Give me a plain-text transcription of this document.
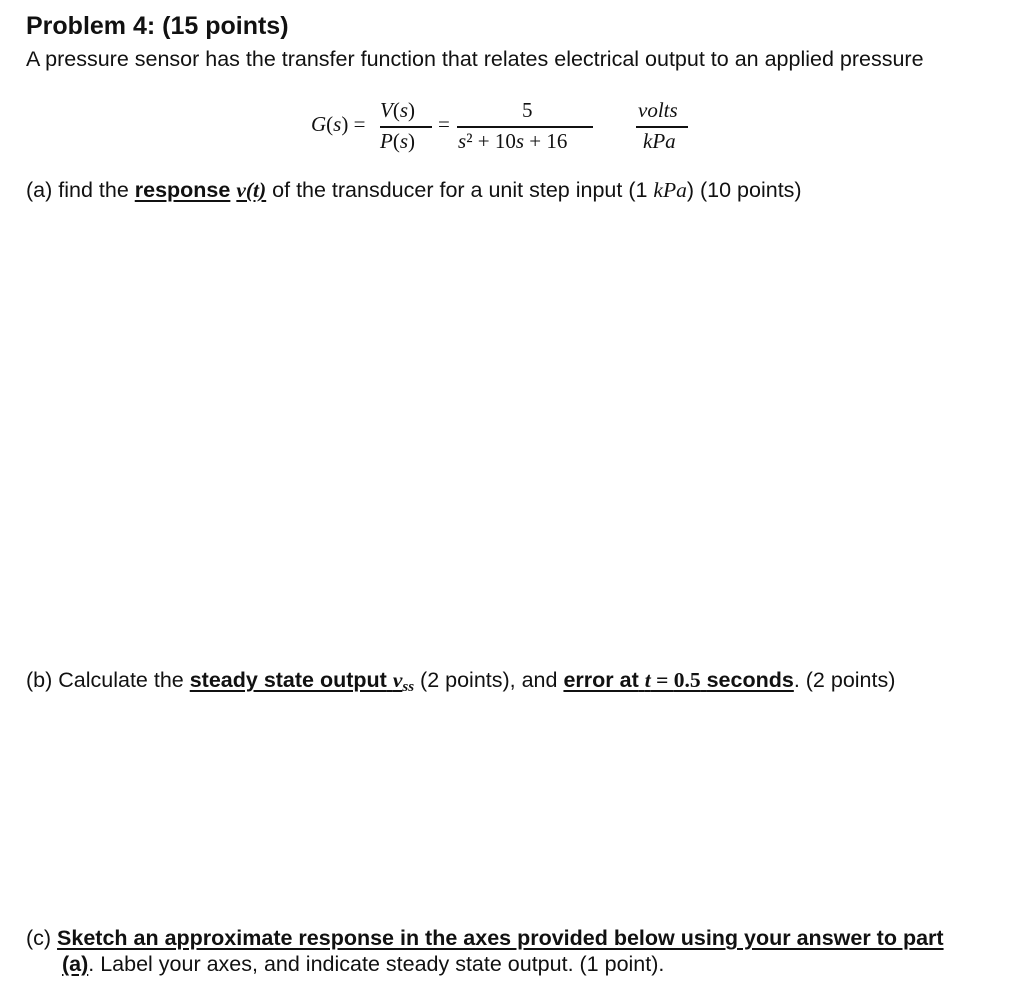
Problem 4: (15 points)
A pressure sensor has the transfer function that relates electrical output to an applied pressure
G(s) =
V(s)
P(s)
=
5
s² + 10s + 16
volts
kPa
(a) find the response v(t) of the transducer for a unit step input (1 kPa) (10 points)
(b) Calculate the steady state output $v_{ss}$ (2 points), and error at t = 0.5 seconds. (2 points)
(c) Sketch an approximate response in the axes provided below using your answer to part
(a). Label your axes, and indicate steady state output. (1 point).
